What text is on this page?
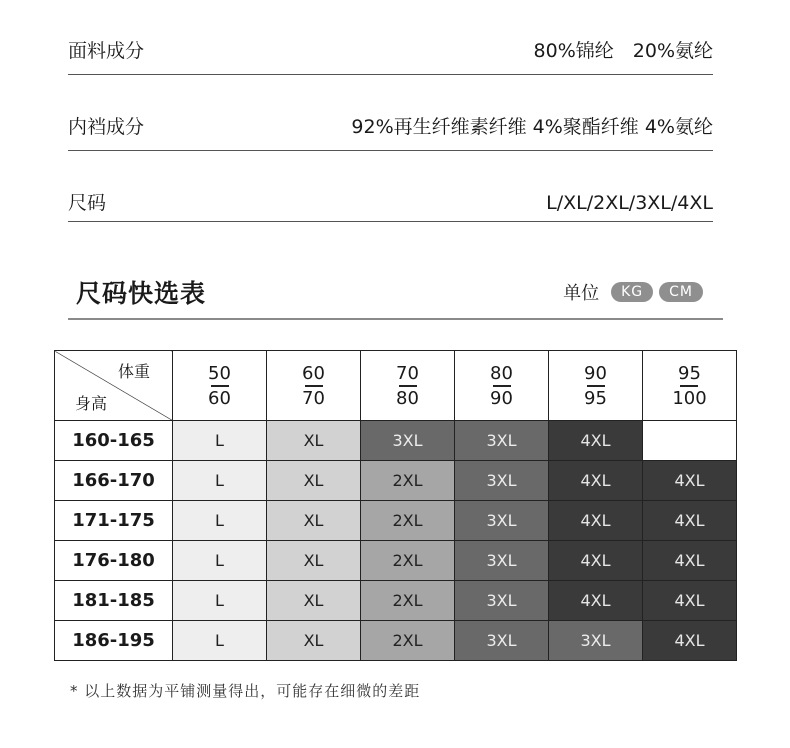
面料成分	80%锦纶　20%氨纶
内裆成分	92%再生纤维素纤维 4%聚酯纤维 4%氨纶
尺码	L/XL/2XL/3XL/4XL
尺码快选表	单位	KG	CM
体重
身高	$\frac{50}{60}$	$\frac{60}{70}$	$\frac{70}{80}$	$\frac{80}{90}$	$\frac{90}{95}$	$\frac{95}{100}$

160-165	L	XL	3XL	3XL	4XL	
166-170	L	XL	2XL	3XL	4XL	4XL
171-175	L	XL	2XL	3XL	4XL	4XL
176-180	L	XL	2XL	3XL	4XL	4XL
181-185	L	XL	2XL	3XL	4XL	4XL
186-195	L	XL	2XL	3XL	3XL	4XL
* 以上数据为平铺测量得出，可能存在细微的差距
